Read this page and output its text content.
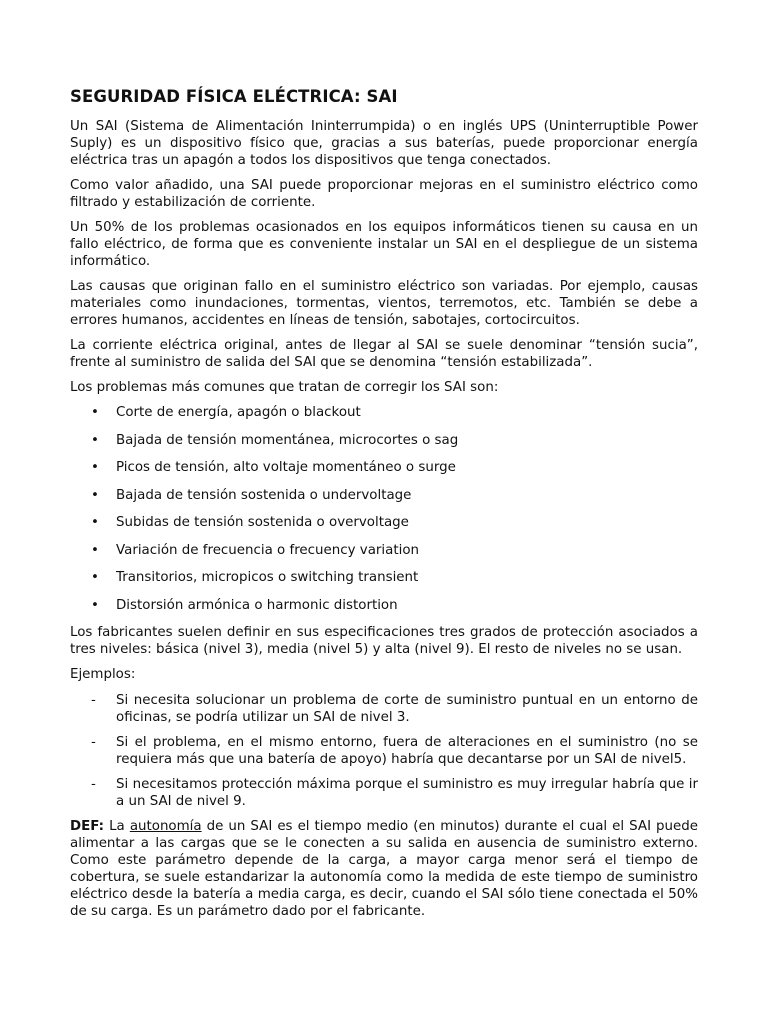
SEGURIDAD FÍSICA ELÉCTRICA: SAI

Un SAI (Sistema de Alimentación Ininterrumpida) o en inglés UPS (Uninterruptible Power Suply) es un dispositivo físico que, gracias a sus baterías, puede proporcionar energía eléctrica tras un apagón a todos los dispositivos que tenga conectados.

Como valor añadido, una SAI puede proporcionar mejoras en el suministro eléctrico como filtrado y estabilización de corriente.

Un 50% de los problemas ocasionados en los equipos informáticos tienen su causa en un fallo eléctrico, de forma que es conveniente instalar un SAI en el despliegue de un sistema informático.

Las causas que originan fallo en el suministro eléctrico son variadas. Por ejemplo, causas materiales como inundaciones, tormentas, vientos, terremotos, etc. También se debe a errores humanos, accidentes en líneas de tensión, sabotajes, cortocircuitos.

La corriente eléctrica original, antes de llegar al SAI se suele denominar “tensión sucia”, frente al suministro de salida del SAI que se denomina “tensión estabilizada”.

Los problemas más comunes que tratan de corregir los SAI son:

• Corte de energía, apagón o blackout
• Bajada de tensión momentánea, microcortes o sag
• Picos de tensión, alto voltaje momentáneo o surge
• Bajada de tensión sostenida o undervoltage
• Subidas de tensión sostenida o overvoltage
• Variación de frecuencia o frecuency variation
• Transitorios, micropicos o switching transient
• Distorsión armónica o harmonic distortion

Los fabricantes suelen definir en sus especificaciones tres grados de protección asociados a tres niveles: básica (nivel 3), media (nivel 5) y alta (nivel 9). El resto de niveles no se usan.

Ejemplos:

- Si necesita solucionar un problema de corte de suministro puntual en un entorno de oficinas, se podría utilizar un SAI de nivel 3.
- Si el problema, en el mismo entorno, fuera de alteraciones en el suministro (no se requiera más que una batería de apoyo) habría que decantarse por un SAI de nivel5.
- Si necesitamos protección máxima porque el suministro es muy irregular habría que ir a un SAI de nivel 9.

DEF: La autonomía de un SAI es el tiempo medio (en minutos) durante el cual el SAI puede alimentar a las cargas que se le conecten a su salida en ausencia de suministro externo. Como este parámetro depende de la carga, a mayor carga menor será el tiempo de cobertura, se suele estandarizar la autonomía como la medida de este tiempo de suministro eléctrico desde la batería a media carga, es decir, cuando el SAI sólo tiene conectada el 50% de su carga. Es un parámetro dado por el fabricante.
